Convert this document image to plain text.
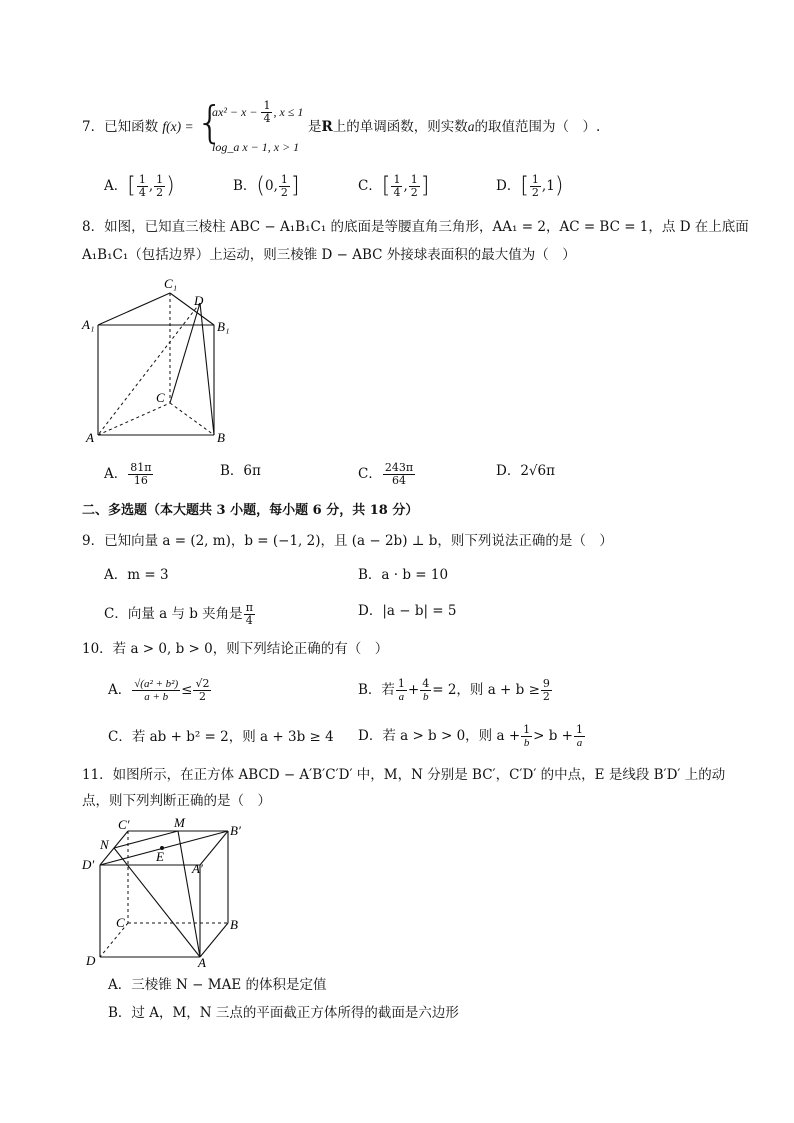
7．已知函数 f(x) = {
$ax^2 - x - \frac{1}{4}$ , x ≤ 1
log_a x − 1, x > 1
是R上的单调函数，则实数a的取值范围为（　）.
A．[ $\frac{1}{4}$ , $\frac{1}{2}$ )	B．(0, $\frac{1}{2}$ ]	C．[ $\frac{1}{4}$ , $\frac{1}{2}$ ]	D．[ $\frac{1}{2} ,1$)
8．如图，已知直三棱柱 ABC − A₁B₁C₁ 的底面是等腰直角三角形，AA₁ = 2，AC = BC = 1，点 D 在上底面
A₁B₁C₁（包括边界）上运动，则三棱锥 D − ABC 外接球表面积的最大值为（　）
C₁
D
A₁	B₁
C
A	B
A． $\frac{81\pi}{16}$	B．6π	C． $\frac{243\pi}{64}$	D．2√6π
二、多选题（本大题共 3 小题，每小题 6 分，共 18 分）
9．已知向量 a = (2, m)，b = (−1, 2)，且 (a − 2b) ⊥ b，则下列说法正确的是（　）
A．m = 3	B．a · b = 10
C．向量 a 与 b 夹角是 $\frac{\pi}{4}$	D．|a − b| = 5
10．若 a > 0, b > 0，则下列结论正确的有（　）
A． $\frac{\text{√(a² + b²)}}{a + b} \le \frac{√2}{2}$	B．若 $\frac{1}{a} + \frac{4}{b} = 2$，则 $a + b \ge \frac{9}{2}$
C．若 ab + b² = 2，则 a + 3b ≥ 4 D．若 a > b > 0，则 $a + \frac{1}{b} > b + \frac{1}{a}$
11．如图所示，在正方体 ABCD − A′B′C′D′ 中，M，N 分别是 BC′，C′D′ 的中点，E 是线段 B′D′ 上的动
点，则下列判断正确的是（　）
C′	M
B′
N
E
D′	A′
C	B
D	A
A．三棱锥 N − MAE 的体积是定值
B．过 A，M，N 三点的平面截正方体所得的截面是六边形
